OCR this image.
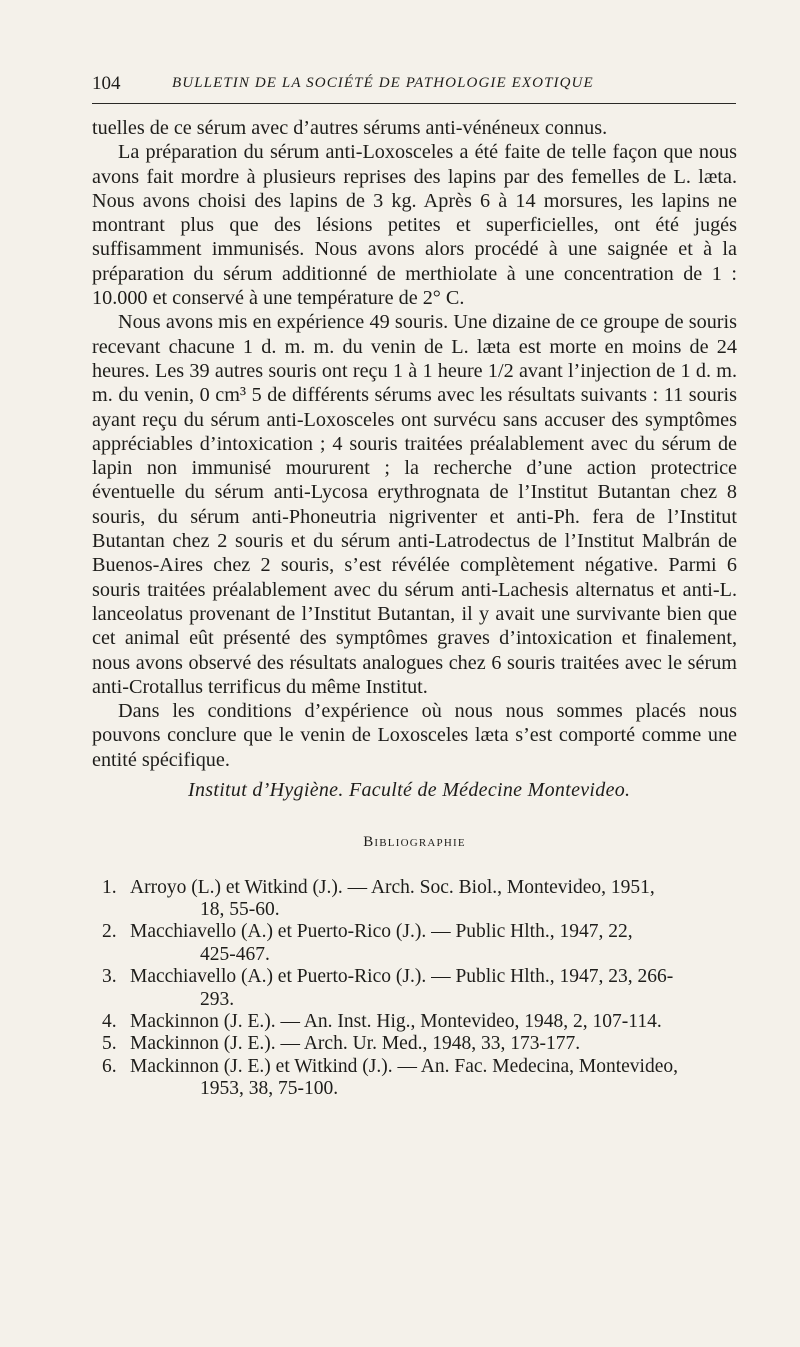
104	BULLETIN DE LA SOCIÉTÉ DE PATHOLOGIE EXOTIQUE

tuelles de ce sérum avec d’autres sérums anti-vénéneux connus.

La préparation du sérum anti-Loxosceles a été faite de telle façon que nous avons fait mordre à plusieurs reprises des lapins par des femelles de L. læta. Nous avons choisi des lapins de 3 kg. Après 6 à 14 morsures, les lapins ne montrant plus que des lésions petites et superficielles, ont été jugés suffisamment immunisés. Nous avons alors procédé à une saignée et à la préparation du sérum additionné de merthiolate à une concentration de 1 : 10.000 et conservé à une température de 2° C.

Nous avons mis en expérience 49 souris. Une dizaine de ce groupe de souris recevant chacune 1 d. m. m. du venin de L. læta est morte en moins de 24 heures. Les 39 autres souris ont reçu 1 à 1 heure 1/2 avant l’injection de 1 d. m. m. du venin, 0 cm³ 5 de différents sérums avec les résultats suivants : 11 souris ayant reçu du sérum anti-Loxosceles ont survécu sans accuser des symptômes appréciables d’intoxication ; 4 souris traitées préalablement avec du sérum de lapin non immunisé moururent ; la recherche d’une action protectrice éventuelle du sérum anti-Lycosa erythrognata de l’Institut Butantan chez 8 souris, du sérum anti-Phoneutria nigriventer et anti-Ph. fera de l’Institut Butantan chez 2 souris et du sérum anti-Latrodectus de l’Institut Malbrán de Buenos-Aires chez 2 souris, s’est révélée complètement négative. Parmi 6 souris traitées préalablement avec du sérum anti-Lachesis alternatus et anti-L. lanceolatus provenant de l’Institut Butantan, il y avait une survivante bien que cet animal eût présenté des symptômes graves d’intoxication et finalement, nous avons observé des résultats analogues chez 6 souris traitées avec le sérum anti-Crotallus terrificus du même Institut.

Dans les conditions d’expérience où nous nous sommes placés nous pouvons conclure que le venin de Loxosceles læta s’est comporté comme une entité spécifique.

Institut d’Hygiène. Faculté de Médecine Montevideo.

Bibliographie
1. Arroyo (L.) et Witkind (J.). — Arch. Soc. Biol., Montevideo, 1951,
18, 55-60.
2. Macchiavello (A.) et Puerto-Rico (J.). — Public Hlth., 1947, 22,
425-467.
3. Macchiavello (A.) et Puerto-Rico (J.). — Public Hlth., 1947, 23, 266-
293.
4. Mackinnon (J. E.). — An. Inst. Hig., Montevideo, 1948, 2, 107-114.
5. Mackinnon (J. E.). — Arch. Ur. Med., 1948, 33, 173-177.
6. Mackinnon (J. E.) et Witkind (J.). — An. Fac. Medecina, Montevideo,
1953, 38, 75-100.
